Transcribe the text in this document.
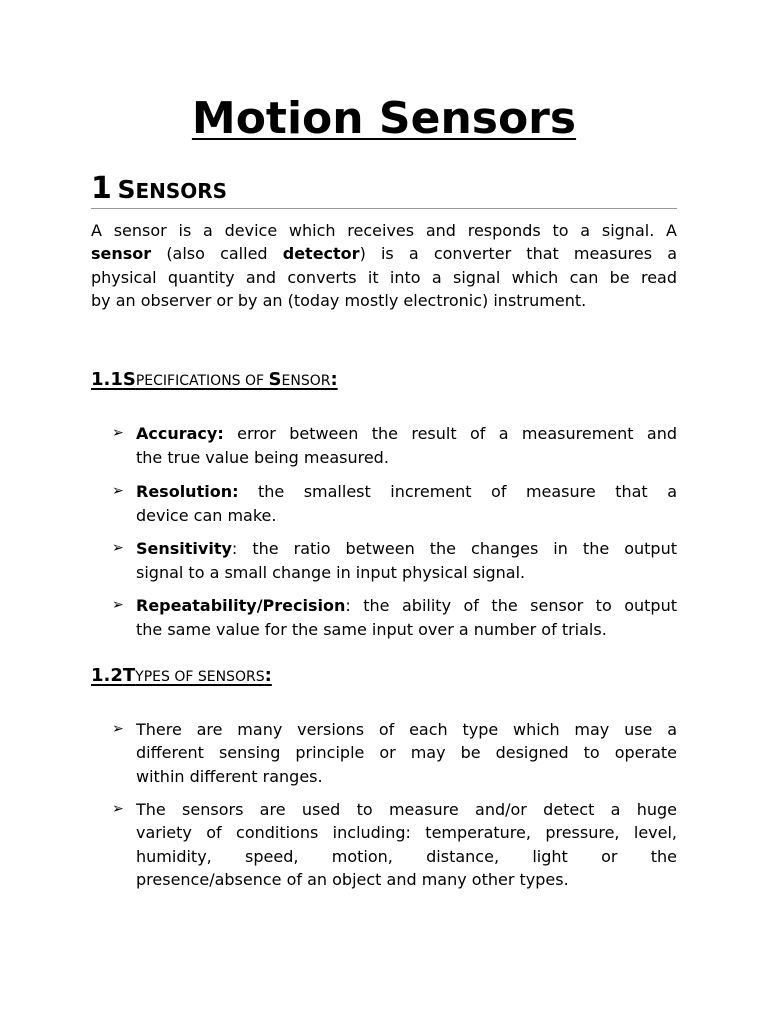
Motion Sensors
1 SENSORS
A sensor is a device which receives and responds to a signal. A
sensor (also called detector) is a converter that measures a
physical quantity and converts it into a signal which can be read
by an observer or by an (today mostly electronic) instrument.
1.1SPECIFICATIONS OF SENSOR:
➢ Accuracy: error between the result of a measurement and
the true value being measured.
➢ Resolution: the smallest increment of measure that a
device can make.
➢ Sensitivity: the ratio between the changes in the output
signal to a small change in input physical signal.
➢ Repeatability/Precision: the ability of the sensor to output
the same value for the same input over a number of trials.
1.2TYPES OF SENSORS:
➢ There are many versions of each type which may use a
different sensing principle or may be designed to operate
within different ranges.
➢ The sensors are used to measure and/or detect a huge
variety of conditions including: temperature, pressure, level,
humidity, speed, motion, distance, light or the
presence/absence of an object and many other types.
